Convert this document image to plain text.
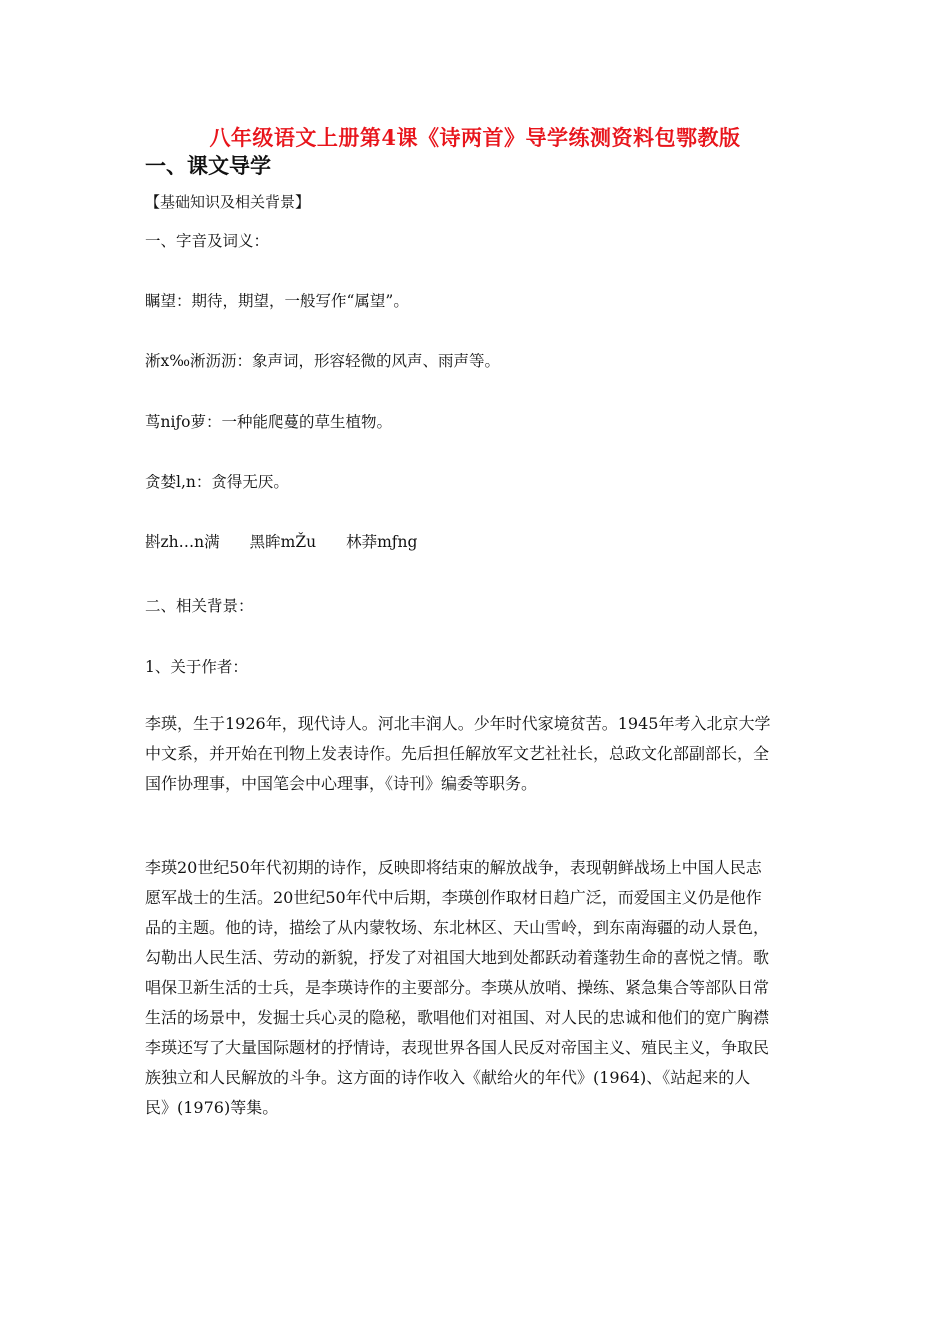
八年级语文上册第4课《诗两首》导学练测资料包鄂教版
一、课文导学
【基础知识及相关背景】
一、字音及词义：
瞩望：期待，期望，一般写作“属望”。
淅x‰淅沥沥：象声词，形容轻微的风声、雨声等。
茑niƒo萝：一种能爬蔓的草生植物。
贪婪l,n：贪得无厌。
斟zh…n满 黑眸mŽu 林莽mƒng
二、相关背景：
1、关于作者：
李瑛，生于1926年，现代诗人。河北丰润人。少年时代家境贫苦。1945年考入北京大学
中文系，并开始在刊物上发表诗作。先后担任解放军文艺社社长，总政文化部副部长，全
国作协理事，中国笔会中心理事，《诗刊》编委等职务。
李瑛20世纪50年代初期的诗作，反映即将结束的解放战争，表现朝鲜战场上中国人民志
愿军战士的生活。20世纪50年代中后期，李瑛创作取材日趋广泛，而爱国主义仍是他作
品的主题。他的诗，描绘了从内蒙牧场、东北林区、天山雪岭，到东南海疆的动人景色，
勾勒出人民生活、劳动的新貌，抒发了对祖国大地到处都跃动着蓬勃生命的喜悦之情。歌
唱保卫新生活的士兵，是李瑛诗作的主要部分。李瑛从放哨、操练、紧急集合等部队日常
生活的场景中，发掘士兵心灵的隐秘，歌唱他们对祖国、对人民的忠诚和他们的宽广胸襟
李瑛还写了大量国际题材的抒情诗，表现世界各国人民反对帝国主义、殖民主义，争取民
族独立和人民解放的斗争。这方面的诗作收入《献给火的年代》(1964)、《站起来的人
民》(1976)等集。
